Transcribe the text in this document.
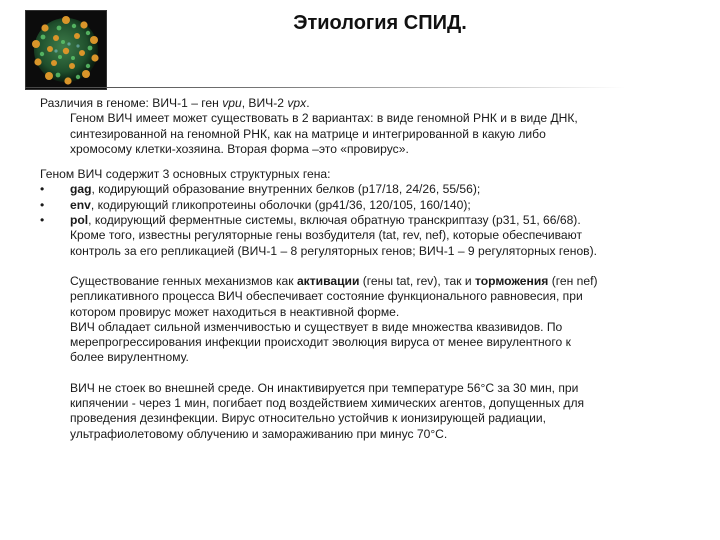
Этиология СПИД.
Различия в геноме: ВИЧ-1 – ген vpu, ВИЧ-2 vpx.
Геном ВИЧ имеет может существовать в 2 вариантах: в виде геномной РНК и в виде ДНК,
синтезированной на геномной РНК, как на матрице и интегрированной в какую либо
хромосому клетки-хозяина. Вторая форма –это «провирус».
Геном ВИЧ содержит 3 основных структурных гена:
•	gag, кодирующий образование внутренних белков (p17/18, 24/26, 55/56);
•	env, кодирующий гликопротеины оболочки (gp41/36, 120/105, 160/140);
•	pol, кодирующий ферментные системы, включая обратную транскриптазу (p31, 51, 66/68).
Кроме того, известны регуляторные гены возбудителя (tat, rev, nef), которые обеспечивают
контроль за его репликацией (ВИЧ-1 – 8 регуляторных генов; ВИЧ-1 – 9 регуляторных генов).
Существование генных механизмов как активации (гены tat, rev), так и торможения (ген nef)
репликативного процесса ВИЧ обеспечивает состояние функционального равновесия, при
котором провирус может находиться в неактивной форме.
ВИЧ обладает сильной изменчивостью и существует в виде множества квазивидов. По
мерепрогрессирования инфекции происходит эволюция вируса от менее вирулентного к
более вирулентному.
ВИЧ не стоек во внешней среде. Он инактивируется при температуре 56°С за 30 мин, при
кипячении - через 1 мин, погибает под воздействием химических агентов, допущенных для
проведения дезинфекции. Вирус относительно устойчив к ионизирующей радиации,
ультрафиолетовому облучению и замораживанию при минус 70°С.
